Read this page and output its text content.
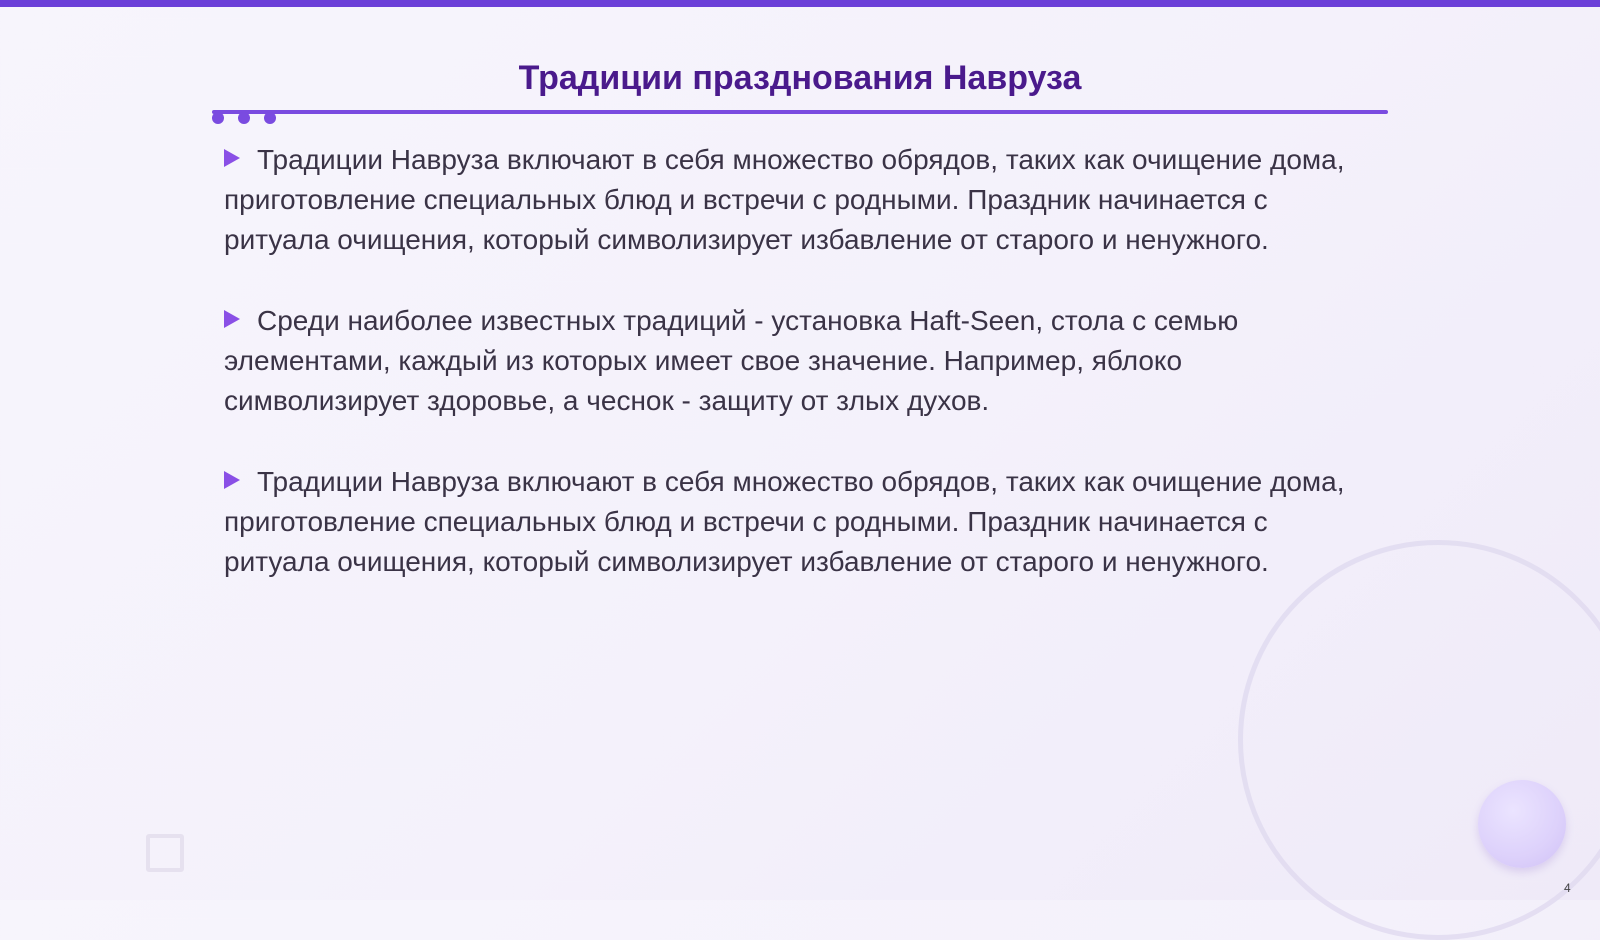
Традиции празднования Навруза

Традиции Навруза включают в себя множество обрядов, таких как очищение дома, приготовление специальных блюд и встречи с родными. Праздник начинается с ритуала очищения, который символизирует избавление от старого и ненужного.

Среди наиболее известных традиций - установка Haft-Seen, стола с семью элементами, каждый из которых имеет свое значение. Например, яблоко символизирует здоровье, а чеснок - защиту от злых духов.

Традиции Навруза включают в себя множество обрядов, таких как очищение дома, приготовление специальных блюд и встречи с родными. Праздник начинается с ритуала очищения, который символизирует избавление от старого и ненужного.

4
